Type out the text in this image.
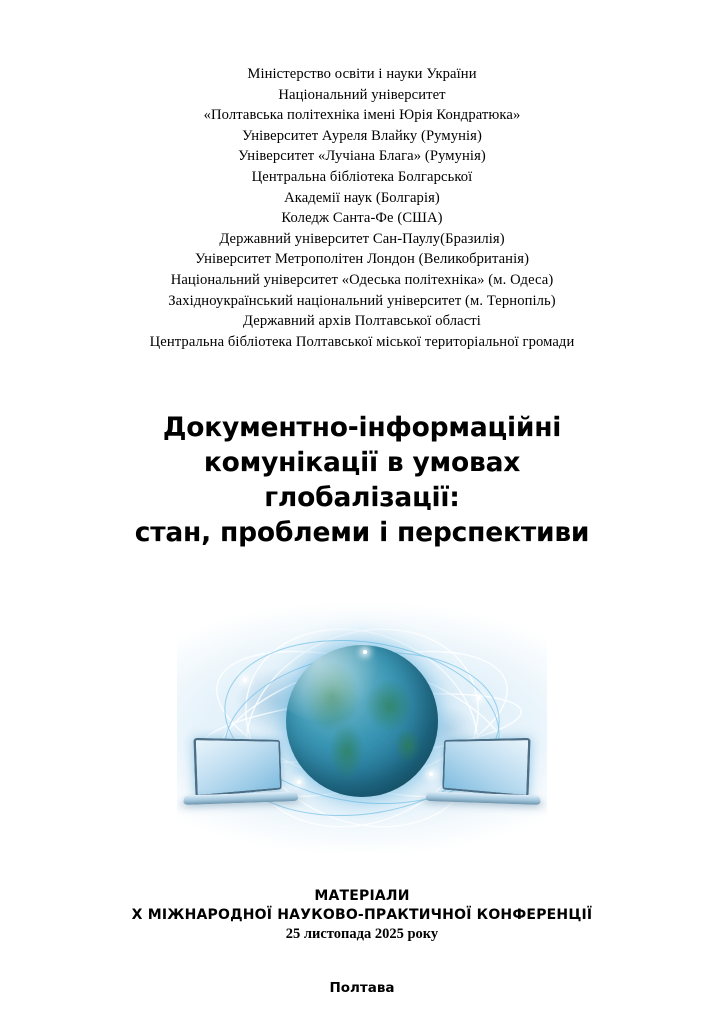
Міністерство освіти і науки України
Національний університет
«Полтавська політехніка імені Юрія Кондратюка»
Університет Ауреля Влайку (Румунія)
Університет «Лучіана Блага» (Румунія)
Центральна бібліотека Болгарської
Академії наук (Болгарія)
Коледж Санта-Фе (США)
Державний університет Сан-Паулу(Бразилія)
Університет Метрополітен Лондон (Великобританія)
Національний університет «Одеська політехніка» (м. Одеса)
Західноукраїнський національний університет (м. Тернопіль)
Державний архів Полтавської області
Центральна бібліотека Полтавської міської територіальної громади
Документно-інформаційні
комунікації в умовах глобалізації:
стан, проблеми і перспективи
МАТЕРІАЛИ
X МІЖНАРОДНОЇ НАУКОВО-ПРАКТИЧНОЇ КОНФЕРЕНЦІЇ
25 листопада 2025 року
Полтава
